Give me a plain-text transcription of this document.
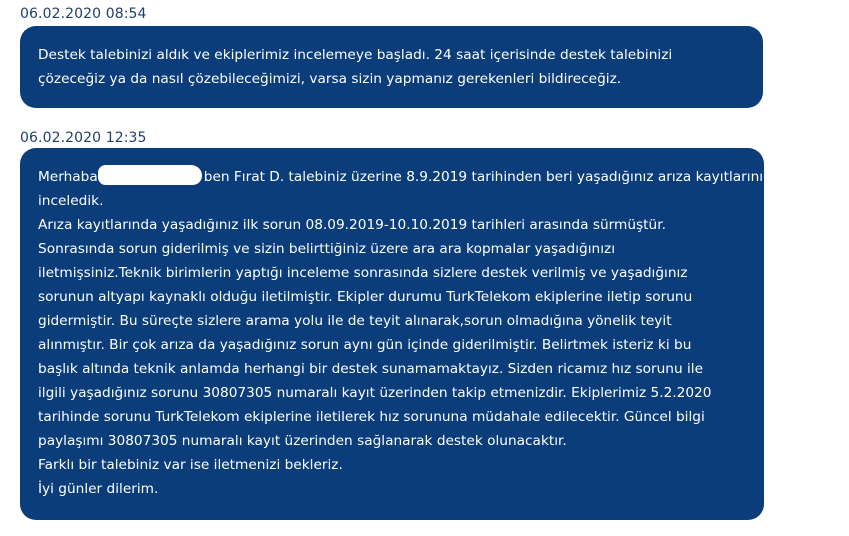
06.02.2020 08:54
Destek talebinizi aldık ve ekiplerimiz incelemeye başladı. 24 saat içerisinde destek talebinizi
çözeceğiz ya da nasıl çözebileceğimizi, varsa sizin yapmanız gerekenleri bildireceğiz.
06.02.2020 12:35
Merhaba	ben Fırat D. talebiniz üzerine 8.9.2019 tarihinden beri yaşadığınız arıza kayıtlarını
inceledik.
Arıza kayıtlarında yaşadığınız ilk sorun 08.09.2019-10.10.2019 tarihleri arasında sürmüştür.
Sonrasında sorun giderilmiş ve sizin belirttiğiniz üzere ara ara kopmalar yaşadığınızı
iletmişsiniz.Teknik birimlerin yaptığı inceleme sonrasında sizlere destek verilmiş ve yaşadığınız
sorunun altyapı kaynaklı olduğu iletilmiştir. Ekipler durumu TurkTelekom ekiplerine iletip sorunu
gidermiştir. Bu süreçte sizlere arama yolu ile de teyit alınarak,sorun olmadığına yönelik teyit
alınmıştır. Bir çok arıza da yaşadığınız sorun aynı gün içinde giderilmiştir. Belirtmek isteriz ki bu
başlık altında teknik anlamda herhangi bir destek sunamamaktayız. Sizden ricamız hız sorunu ile
ilgili yaşadığınız sorunu 30807305 numaralı kayıt üzerinden takip etmenizdir. Ekiplerimiz 5.2.2020
tarihinde sorunu TurkTelekom ekiplerine iletilerek hız sorununa müdahale edilecektir. Güncel bilgi
paylaşımı 30807305 numaralı kayıt üzerinden sağlanarak destek olunacaktır.
Farklı bir talebiniz var ise iletmenizi bekleriz.
İyi günler dilerim.
